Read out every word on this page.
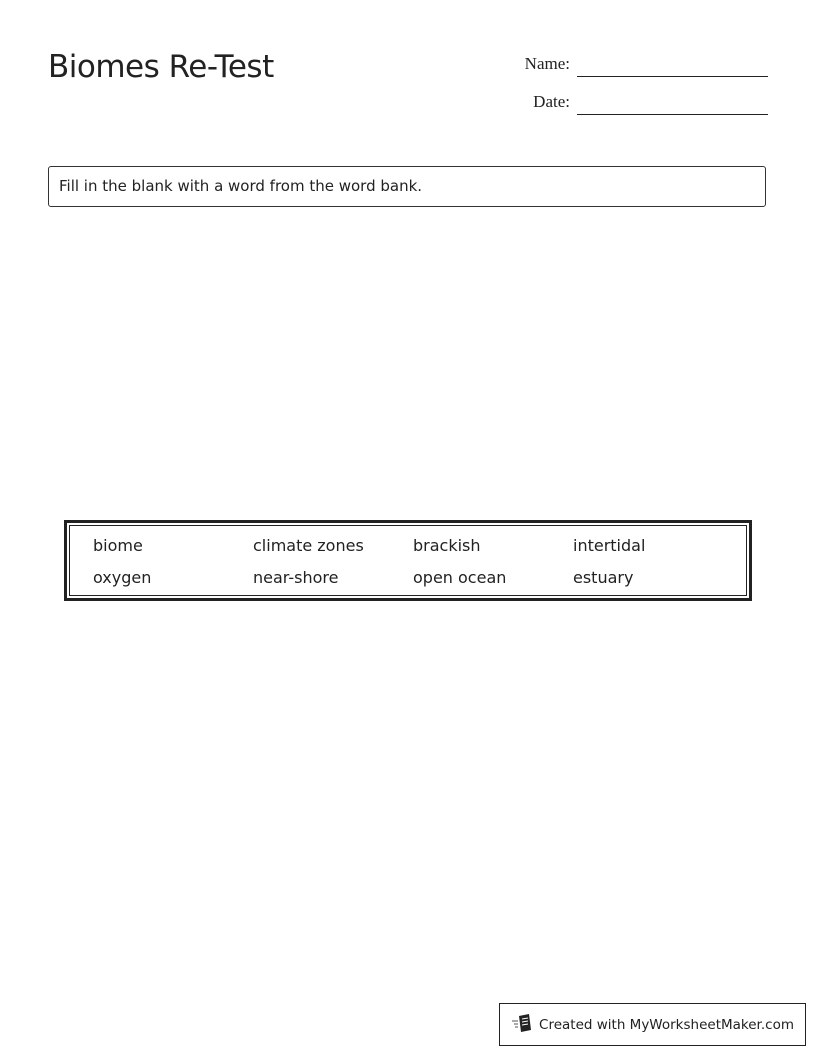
Biomes Re-Test	Name:
Date:
Fill in the blank with a word from the word bank.
biome	climate zones	brackish	intertidal
oxygen	near-shore	open ocean	estuary
Created with MyWorksheetMaker.com
